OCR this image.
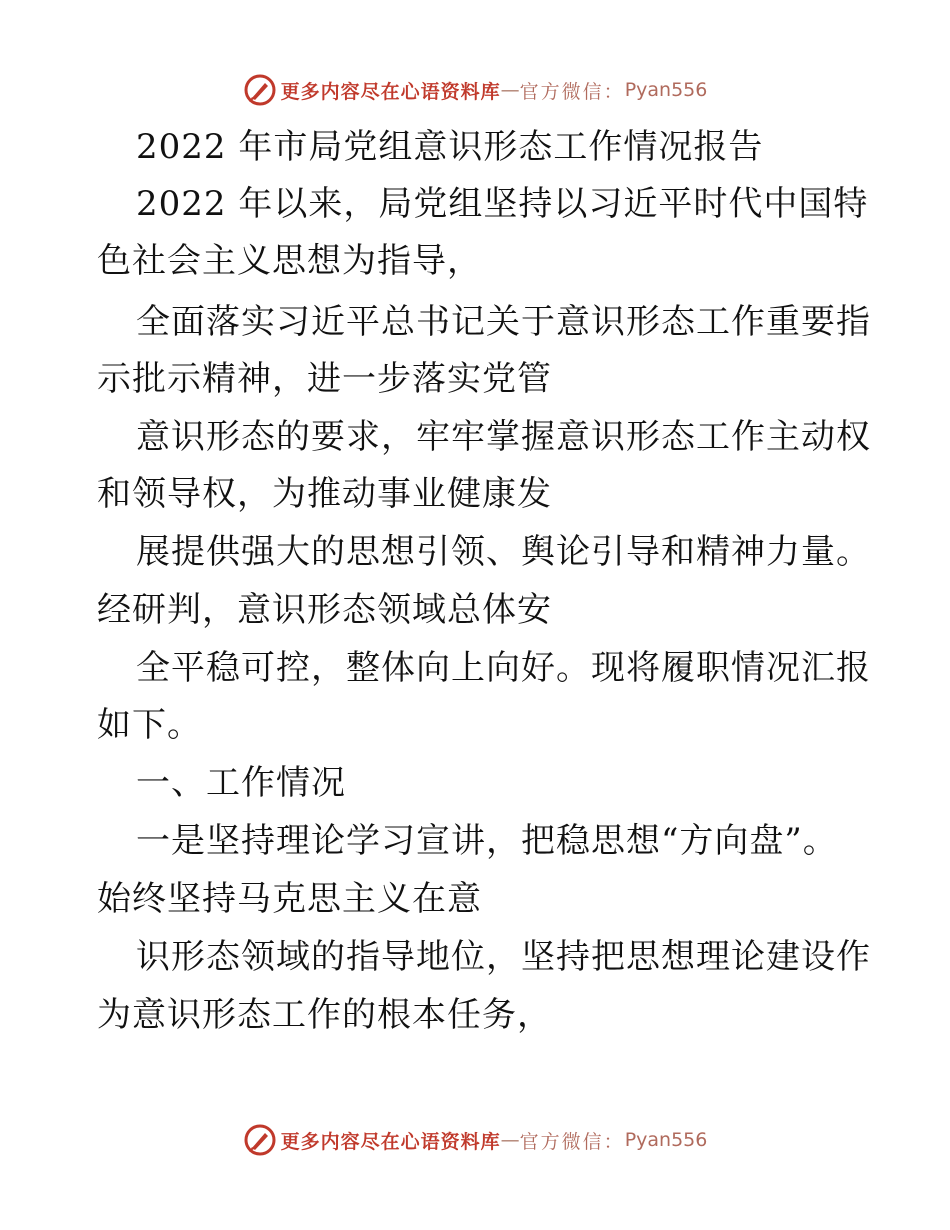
更多内容尽在心语资料库 — 官方微信： Pyan556
2022 年市局党组意识形态工作情况报告
2022 年以来，局党组坚持以习近平时代中国特
色社会主义思想为指导，
全面落实习近平总书记关于意识形态工作重要指
示批示精神，进一步落实党管
意识形态的要求，牢牢掌握意识形态工作主动权
和领导权，为推动事业健康发
展提供强大的思想引领、舆论引导和精神力量。
经研判，意识形态领域总体安
全平稳可控，整体向上向好。现将履职情况汇报
如下。
一、工作情况
一是坚持理论学习宣讲，把稳思想“方向盘”。
始终坚持马克思主义在意
识形态领域的指导地位，坚持把思想理论建设作
为意识形态工作的根本任务，
更多内容尽在心语资料库 — 官方微信： Pyan556
